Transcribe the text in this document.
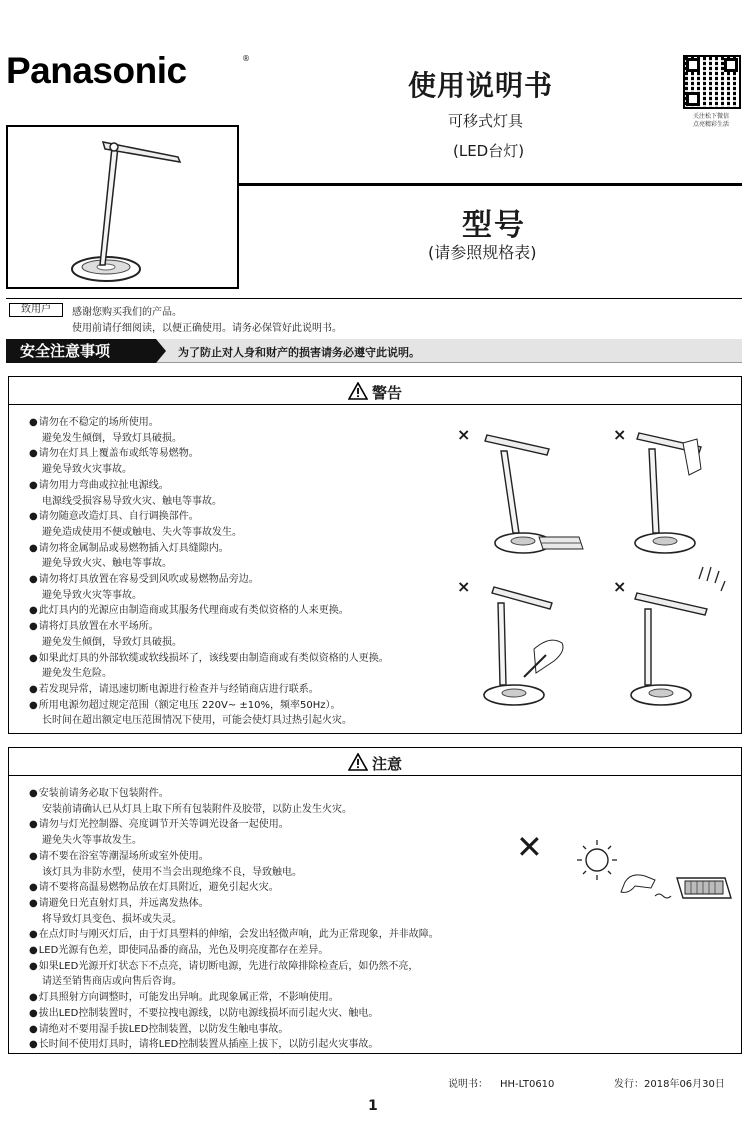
Panasonic	®
使用说明书
可移式灯具
(LED台灯)
关注松下微信
点亮精彩生活
型号
(请参照规格表)
致用户	感谢您购买我们的产品。
使用前请仔细阅读，以便正确使用。请务必保管好此说明书。
安全注意事项	为了防止对人身和财产的损害请务必遵守此说明。
警告
● 请勿在不稳定的场所使用。
避免发生倾倒，导致灯具破损。
● 请勿在灯具上覆盖布或纸等易燃物。
避免导致火灾事故。
● 请勿用力弯曲或拉扯电源线。
电源线受损容易导致火灾、触电等事故。
● 请勿随意改造灯具、自行调换部件。
避免造成使用不便或触电、失火等事故发生。
● 请勿将金属制品或易燃物插入灯具缝隙内。
避免导致火灾、触电等事故。
● 请勿将灯具放置在容易受到风吹或易燃物品旁边。
避免导致火灾等事故。
● 此灯具内的光源应由制造商或其服务代理商或有类似资格的人来更换。
● 请将灯具放置在水平场所。
避免发生倾倒，导致灯具破损。
● 如果此灯具的外部软缆或软线损坏了，该线要由制造商或有类似资格的人更换。
避免发生危险。
● 若发现异常，请迅速切断电源进行检查并与经销商店进行联系。
● 所用电源勿超过规定范围（额定电压 220V~ ±10%，频率50Hz）。
长时间在超出额定电压范围情况下使用，可能会使灯具过热引起火灾。
×	×
×	×
注意
● 安装前请务必取下包装附件。
安装前请确认已从灯具上取下所有包装附件及胶带，以防止发生火灾。
● 请勿与灯光控制器、亮度调节开关等调光设备一起使用。
避免失火等事故发生。
● 请不要在浴室等潮湿场所或室外使用。
该灯具为非防水型，使用不当会出现绝缘不良，导致触电。
● 请不要将高温易燃物品放在灯具附近，避免引起火灾。
● 请避免日光直射灯具，并远离发热体。
将导致灯具变色、损坏或失灵。
● 在点灯时与刚灭灯后，由于灯具塑料的伸缩，会发出轻微声响，此为正常现象，并非故障。
● LED光源有色差，即使同品番的商品，光色及明亮度都存在差异。
● 如果LED光源开灯状态下不点亮，请切断电源，先进行故障排除检查后，如仍然不亮，
请送至销售商店或向售后咨询。
● 灯具照射方向调整时，可能发出异响。此现象属正常，不影响使用。
● 拔出LED控制装置时，不要拉拽电源线，以防电源线损坏而引起火灾、触电。
● 请绝对不要用湿手拔LED控制装置，以防发生触电事故。
● 长时间不使用灯具时，请将LED控制装置从插座上拔下，以防引起火灾事故。
✕
说明书： HH-LT0610	发行：2018年06月30日
1
